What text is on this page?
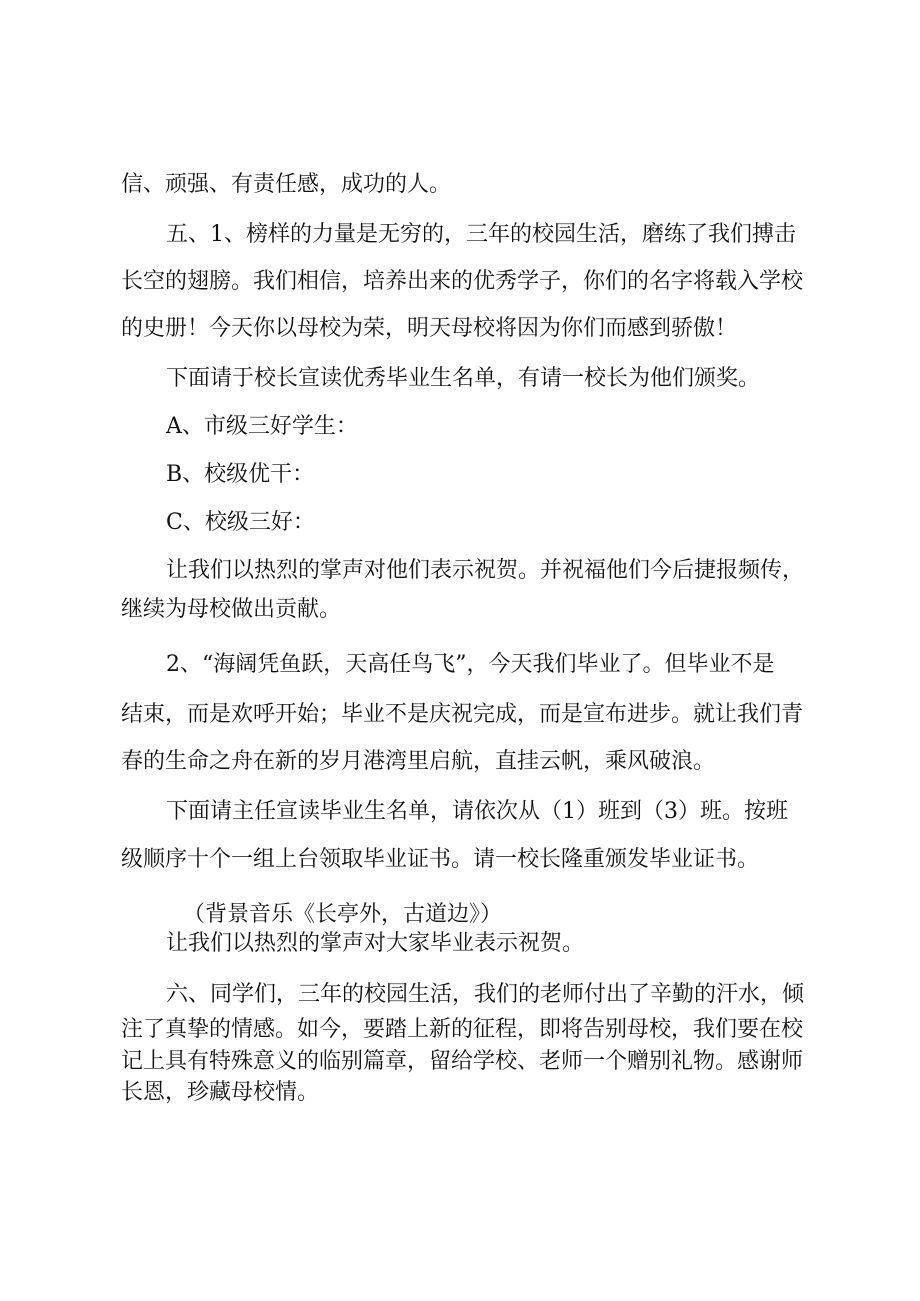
信、顽强、有责任感，成功的人。
五、1、榜样的力量是无穷的，三年的校园生活，磨练了我们搏击
长空的翅膀。我们相信，培养出来的优秀学子，你们的名字将载入学校
的史册！今天你以母校为荣，明天母校将因为你们而感到骄傲！
下面请于校长宣读优秀毕业生名单，有请一校长为他们颁奖。
A、市级三好学生：
B、校级优干：
C、校级三好：
让我们以热烈的掌声对他们表示祝贺。并祝福他们今后捷报频传，
继续为母校做出贡献。
2、“海阔凭鱼跃，天高任鸟飞”，今天我们毕业了。但毕业不是
结束，而是欢呼开始；毕业不是庆祝完成，而是宣布进步。就让我们青
春的生命之舟在新的岁月港湾里启航，直挂云帆，乘风破浪。
下面请主任宣读毕业生名单，请依次从（1）班到（3）班。按班
级顺序十个一组上台领取毕业证书。请一校长隆重颁发毕业证书。
（背景音乐《长亭外，古道边》）
让我们以热烈的掌声对大家毕业表示祝贺。
六、同学们，三年的校园生活，我们的老师付出了辛勤的汗水，倾
注了真挚的情感。如今，要踏上新的征程，即将告别母校，我们要在校
记上具有特殊意义的临别篇章，留给学校、老师一个赠别礼物。感谢师
长恩，珍藏母校情。
